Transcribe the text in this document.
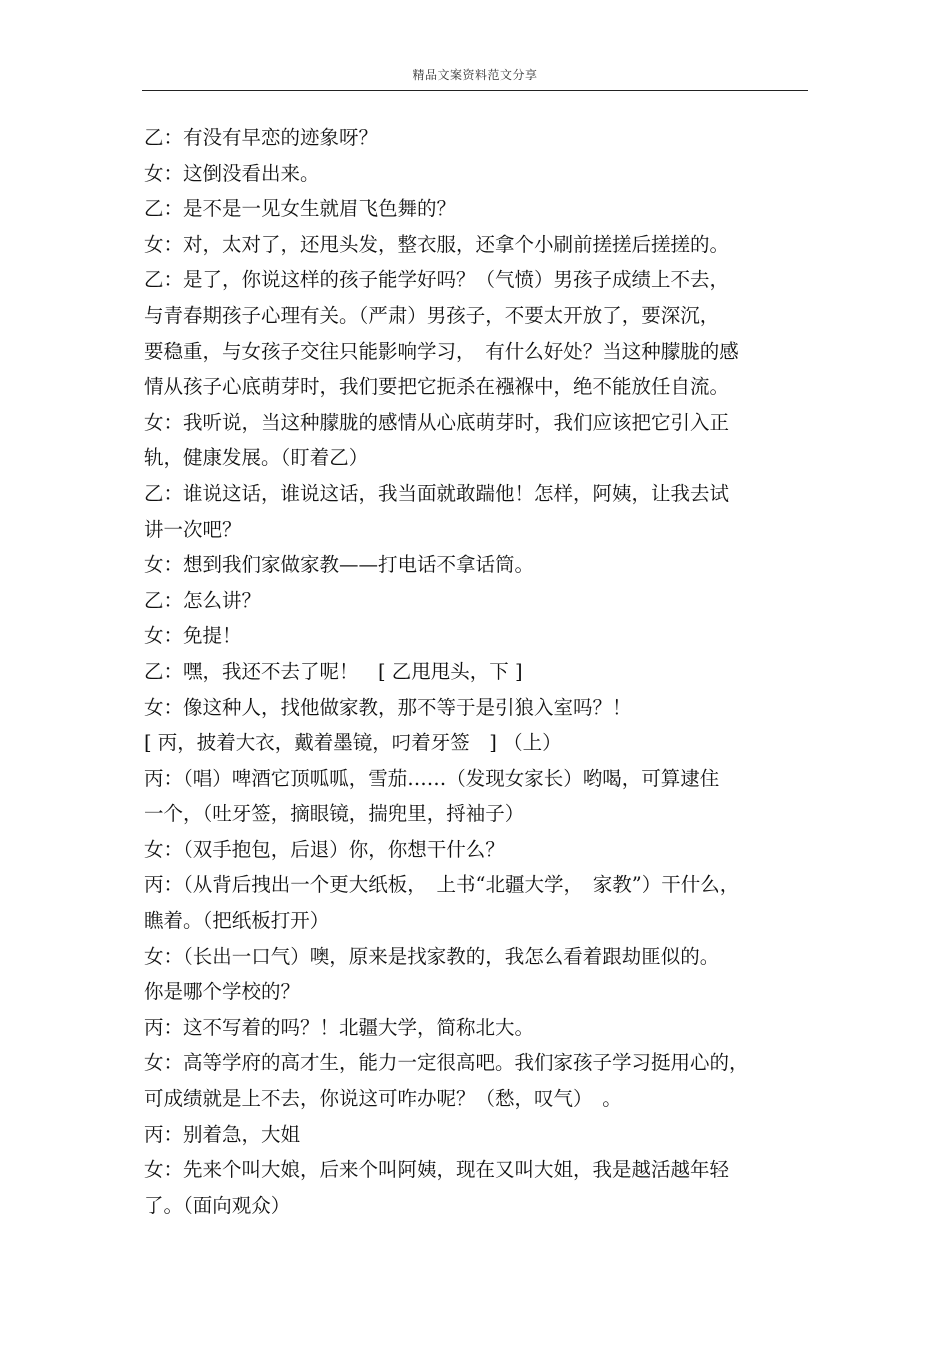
精品文案资料范文分享
乙：有没有早恋的迹象呀？
女：这倒没看出来。
乙：是不是一见女生就眉飞色舞的？
女：对，太对了，还甩头发，整衣服，还拿个小刷前搓搓后搓搓的。
乙：是了，你说这样的孩子能学好吗？（气愤）男孩子成绩上不去，
与青春期孩子心理有关。（严肃）男孩子，不要太开放了，要深沉，
要稳重，与女孩子交往只能影响学习，　有什么好处？当这种朦胧的感
情从孩子心底萌芽时，我们要把它扼杀在襁褓中，绝不能放任自流。
女：我听说，当这种朦胧的感情从心底萌芽时，我们应该把它引入正
轨，健康发展。（盯着乙）
乙：谁说这话，谁说这话，我当面就敢踹他！怎样，阿姨，让我去试
讲一次吧？
女：想到我们家做家教——打电话不拿话筒。
乙：怎么讲？
女：免提！
乙：嘿，我还不去了呢！　[ 乙甩甩头，下 ]
女：像这种人，找他做家教，那不等于是引狼入室吗？！
[ 丙，披着大衣，戴着墨镜，叼着牙签　] （上）
丙：（唱）啤酒它顶呱呱，雪茄……（发现女家长）哟喝，可算逮住
一个，（吐牙签，摘眼镜，揣兜里，捋袖子）
女：（双手抱包，后退）你，你想干什么？
丙：（从背后拽出一个更大纸板，　上书“北疆大学，　家教”）干什么，
瞧着。（把纸板打开）
女：（长出一口气）噢，原来是找家教的，我怎么看着跟劫匪似的。
你是哪个学校的？
丙：这不写着的吗？！北疆大学，简称北大。
女：高等学府的高才生，能力一定很高吧。我们家孩子学习挺用心的，
可成绩就是上不去，你说这可咋办呢？（愁，叹气）　。
丙：别着急，大姐
女：先来个叫大娘，后来个叫阿姨，现在又叫大姐，我是越活越年轻
了。（面向观众）
